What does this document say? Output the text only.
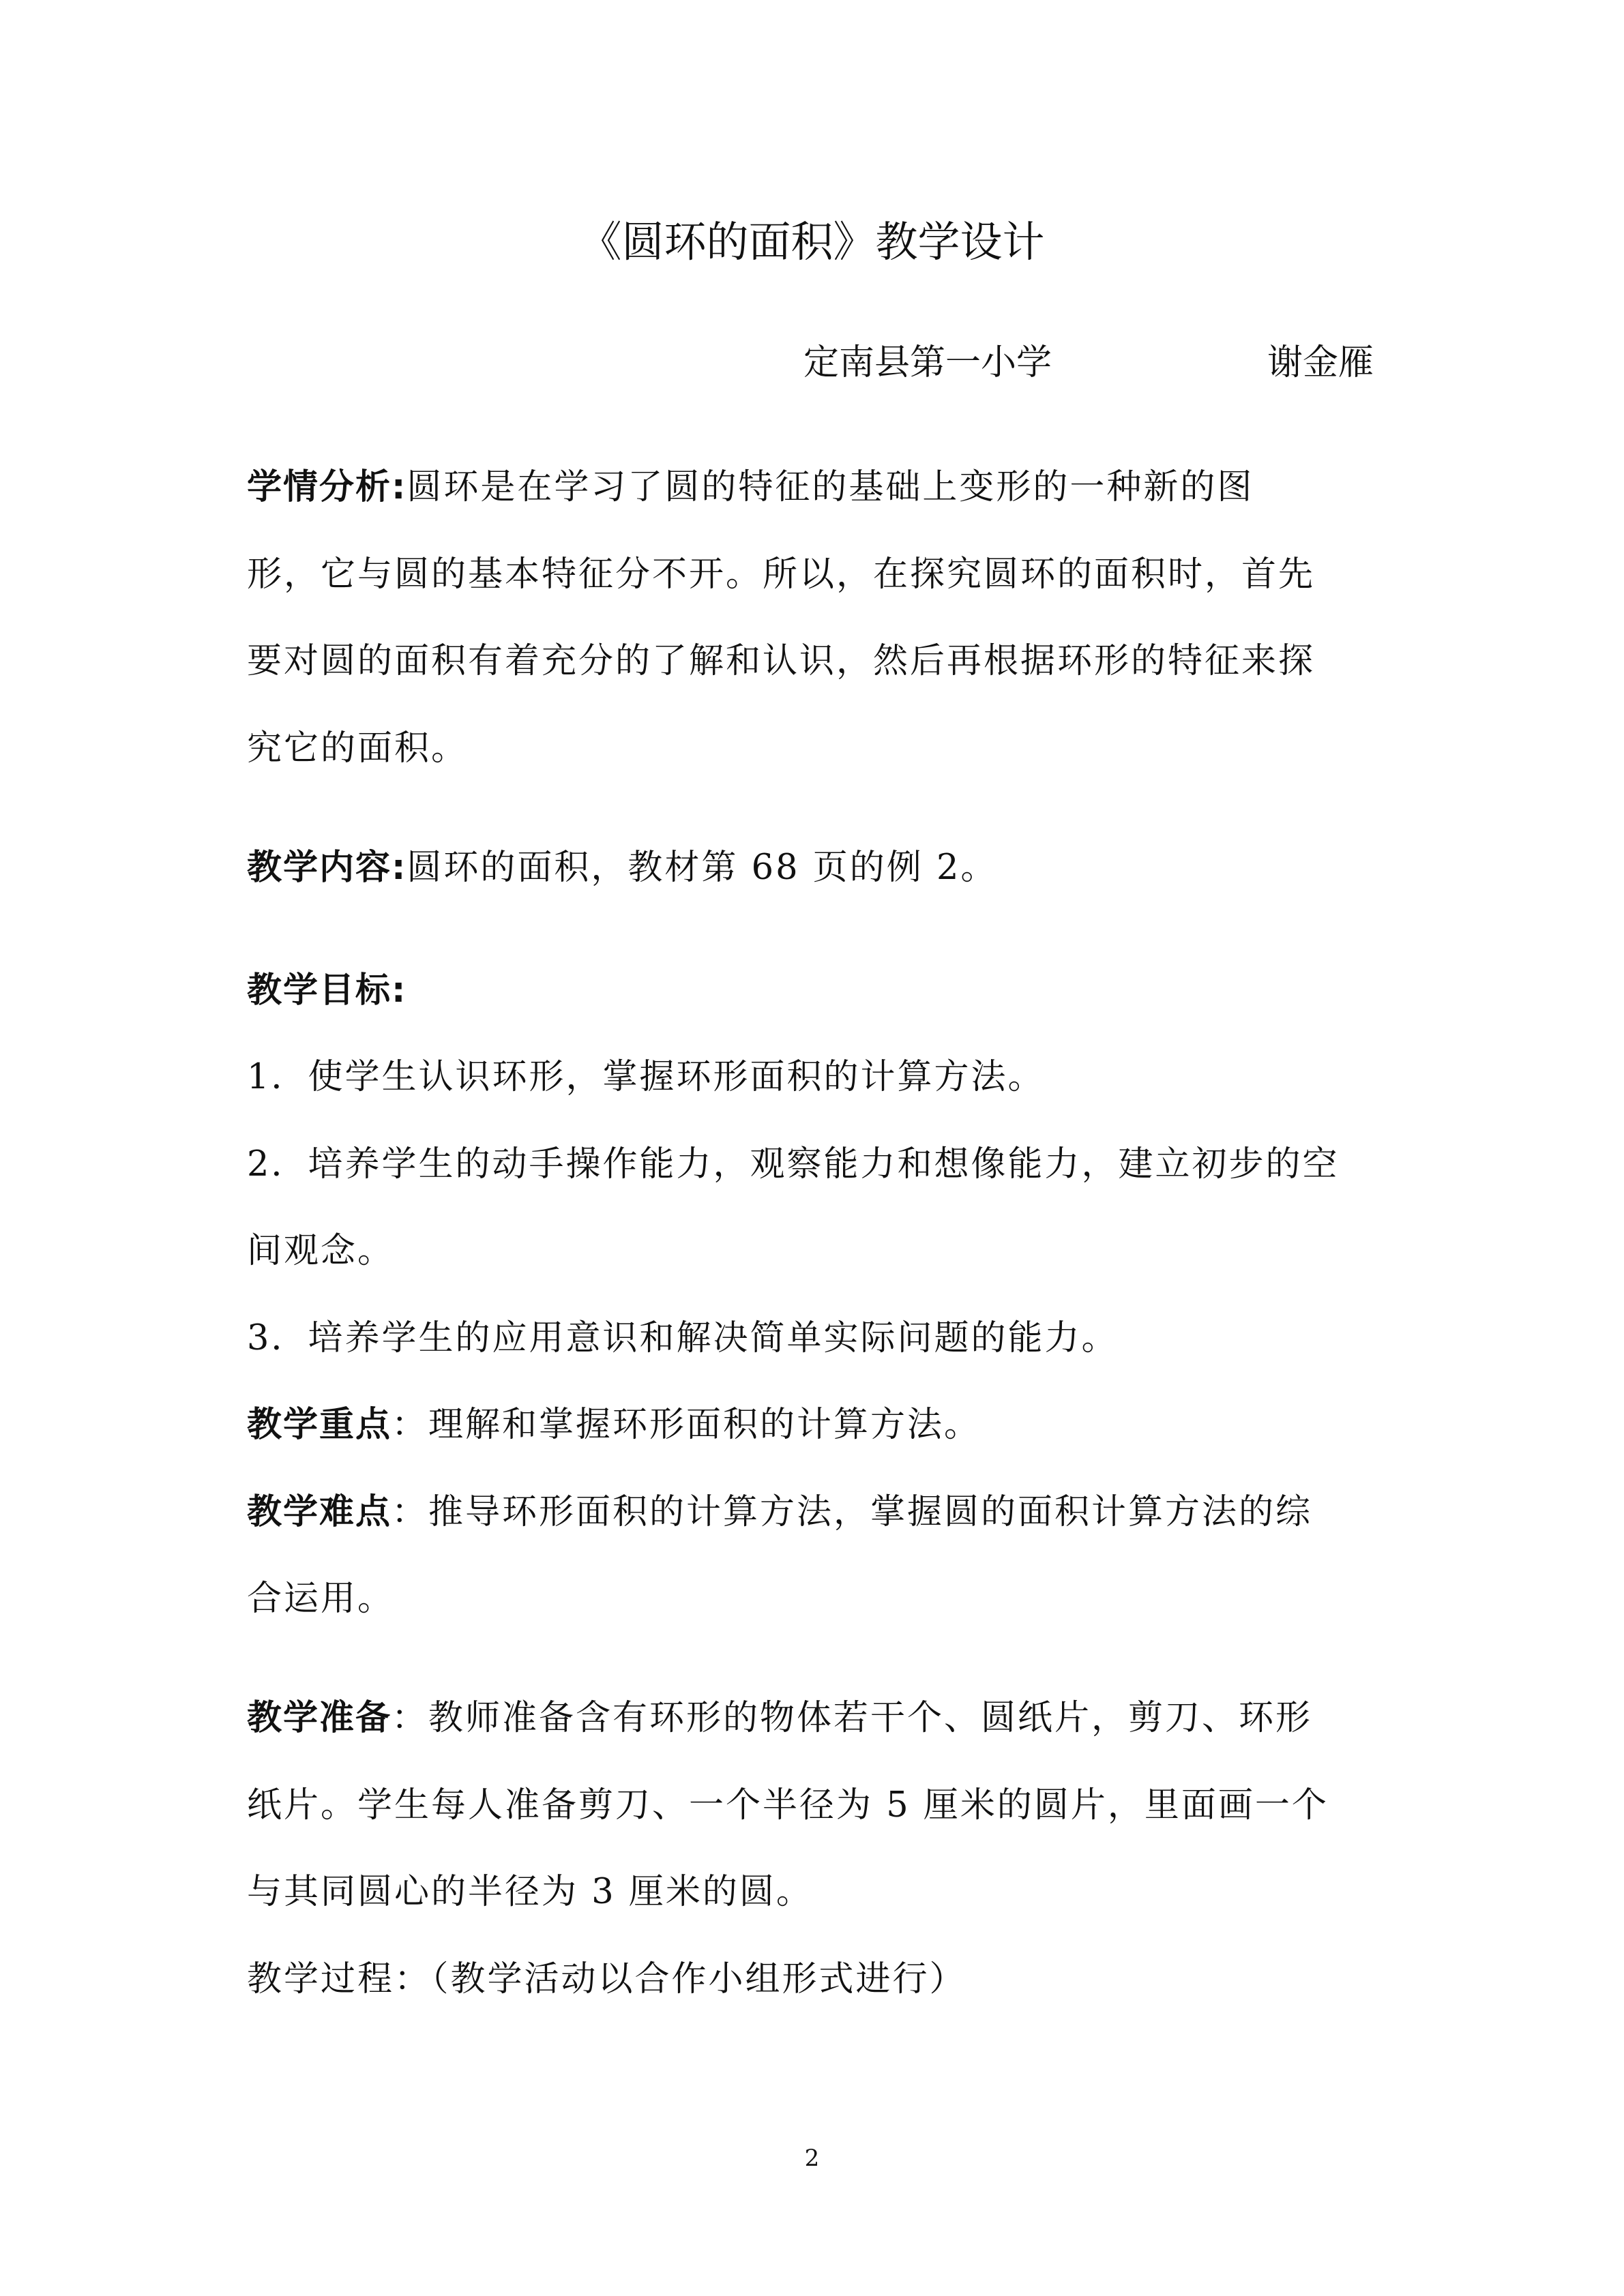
《圆环的面积》教学设计
定南县第一小学	谢金雁
学情分析:圆环是在学习了圆的特征的基础上变形的一种新的图
形，它与圆的基本特征分不开。所以，在探究圆环的面积时，首先
要对圆的面积有着充分的了解和认识，然后再根据环形的特征来探
究它的面积。
教学内容:圆环的面积，教材第 68 页的例 2。
教学目标:
1．使学生认识环形，掌握环形面积的计算方法。
2．培养学生的动手操作能力，观察能力和想像能力，建立初步的空
间观念。
3．培养学生的应用意识和解决简单实际问题的能力。
教学重点：理解和掌握环形面积的计算方法。
教学难点：推导环形面积的计算方法，掌握圆的面积计算方法的综
合运用。
教学准备：教师准备含有环形的物体若干个、圆纸片，剪刀、环形
纸片。学生每人准备剪刀、一个半径为 5 厘米的圆片，里面画一个
与其同圆心的半径为 3 厘米的圆。
教学过程：（教学活动以合作小组形式进行）
2
